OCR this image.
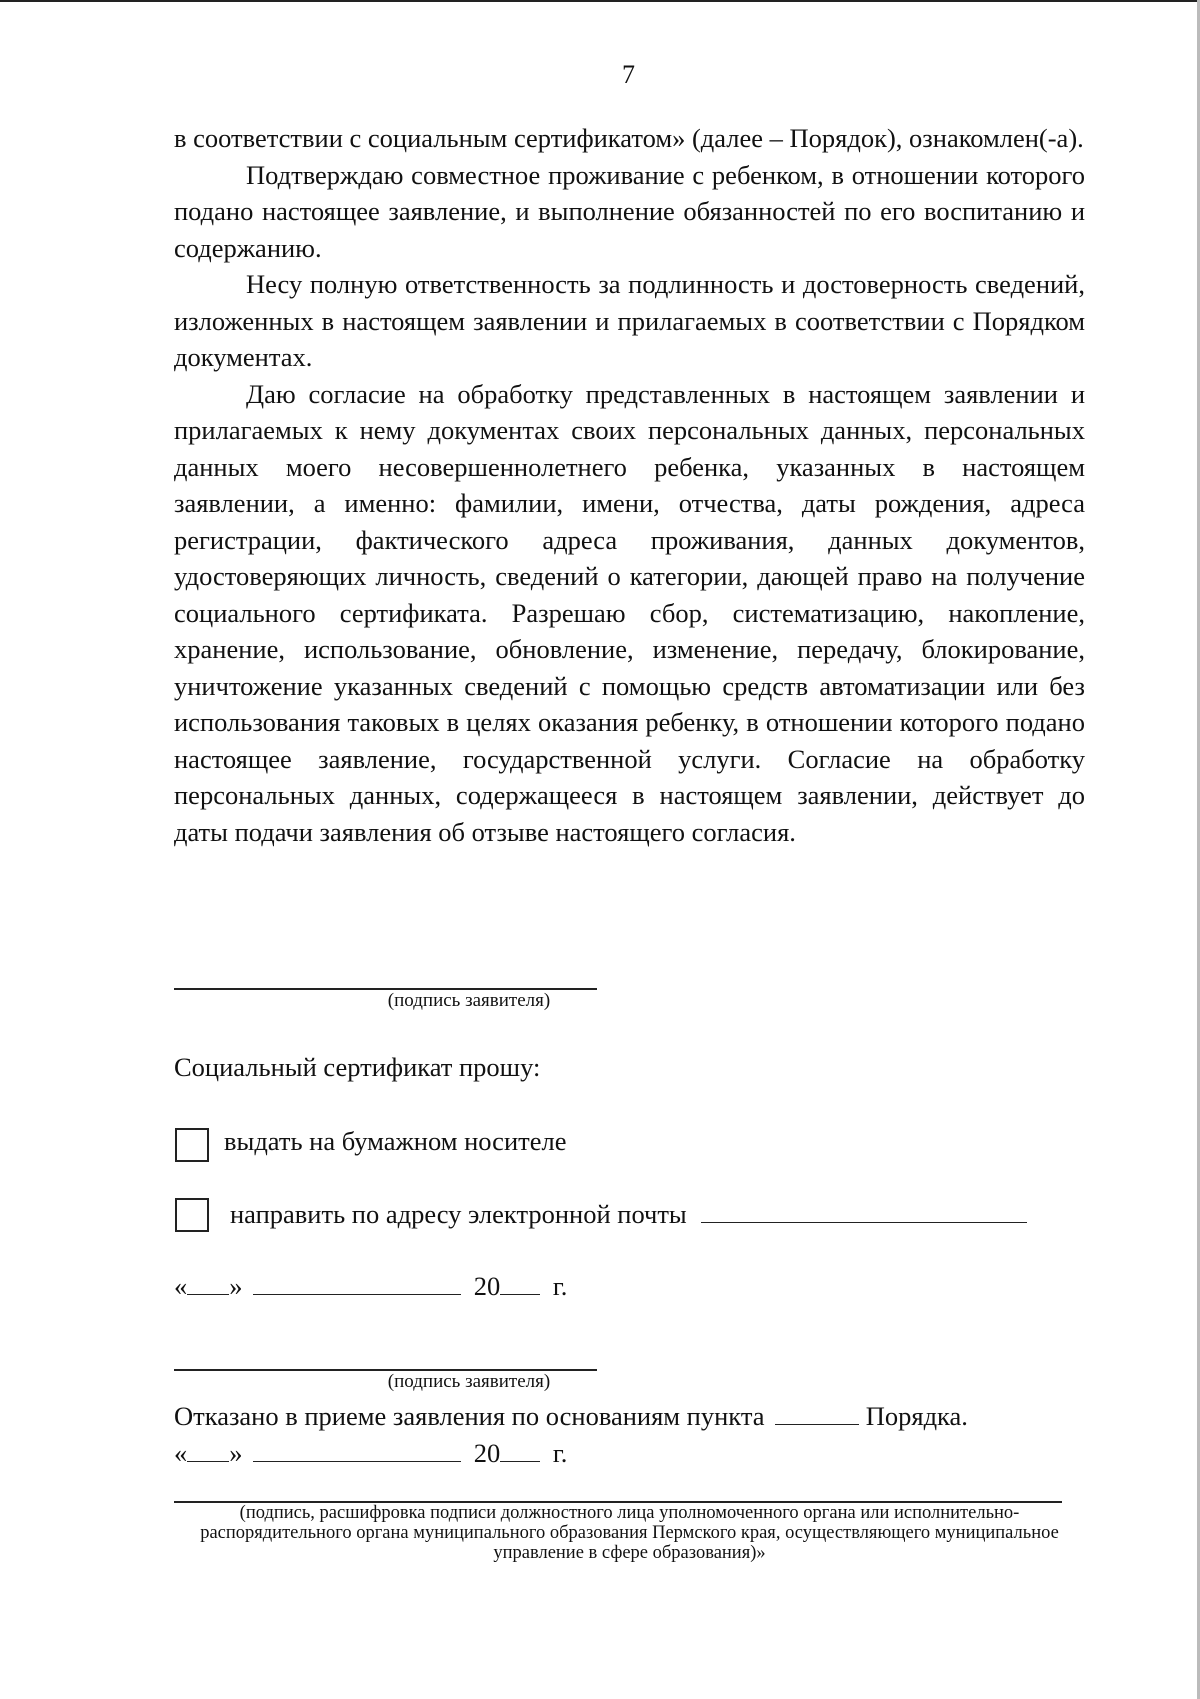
7

в соответствии с социальным сертификатом» (далее – Порядок), ознакомлен(-а).

Подтверждаю совместное проживание с ребенком, в отношении которого подано настоящее заявление, и выполнение обязанностей по его воспитанию и содержанию.

Несу полную ответственность за подлинность и достоверность сведений, изложенных в настоящем заявлении и прилагаемых в соответствии с Порядком документах.

Даю согласие на обработку представленных в настоящем заявлении и прилагаемых к нему документах своих персональных данных, персональных данных моего несовершеннолетнего ребенка, указанных в настоящем заявлении, а именно: фамилии, имени, отчества, даты рождения, адреса регистрации, фактического адреса проживания, данных документов, удостоверяющих личность, сведений о категории, дающей право на получение социального сертификата. Разрешаю сбор, систематизацию, накопление, хранение, использование, обновление, изменение, передачу, блокирование, уничтожение указанных сведений с помощью средств автоматизации или без использования таковых в целях оказания ребенку, в отношении которого подано настоящее заявление, государственной услуги. Согласие на обработку персональных данных, содержащееся в настоящем заявлении, действует до даты подачи заявления об отзыве настоящего согласия.

(подпись заявителя)
Социальный сертификат прошу:
выдать на бумажном носителе
направить по адресу электронной почты
« »	20 г.
(подпись заявителя)
Отказано в приеме заявления по основаниям пункта	Порядка.
« »	20 г.
(подпись, расшифровка подписи должностного лица уполномоченного органа или исполнительно-распорядительного органа муниципального образования Пермского края, осуществляющего муниципальное управление в сфере образования)»
